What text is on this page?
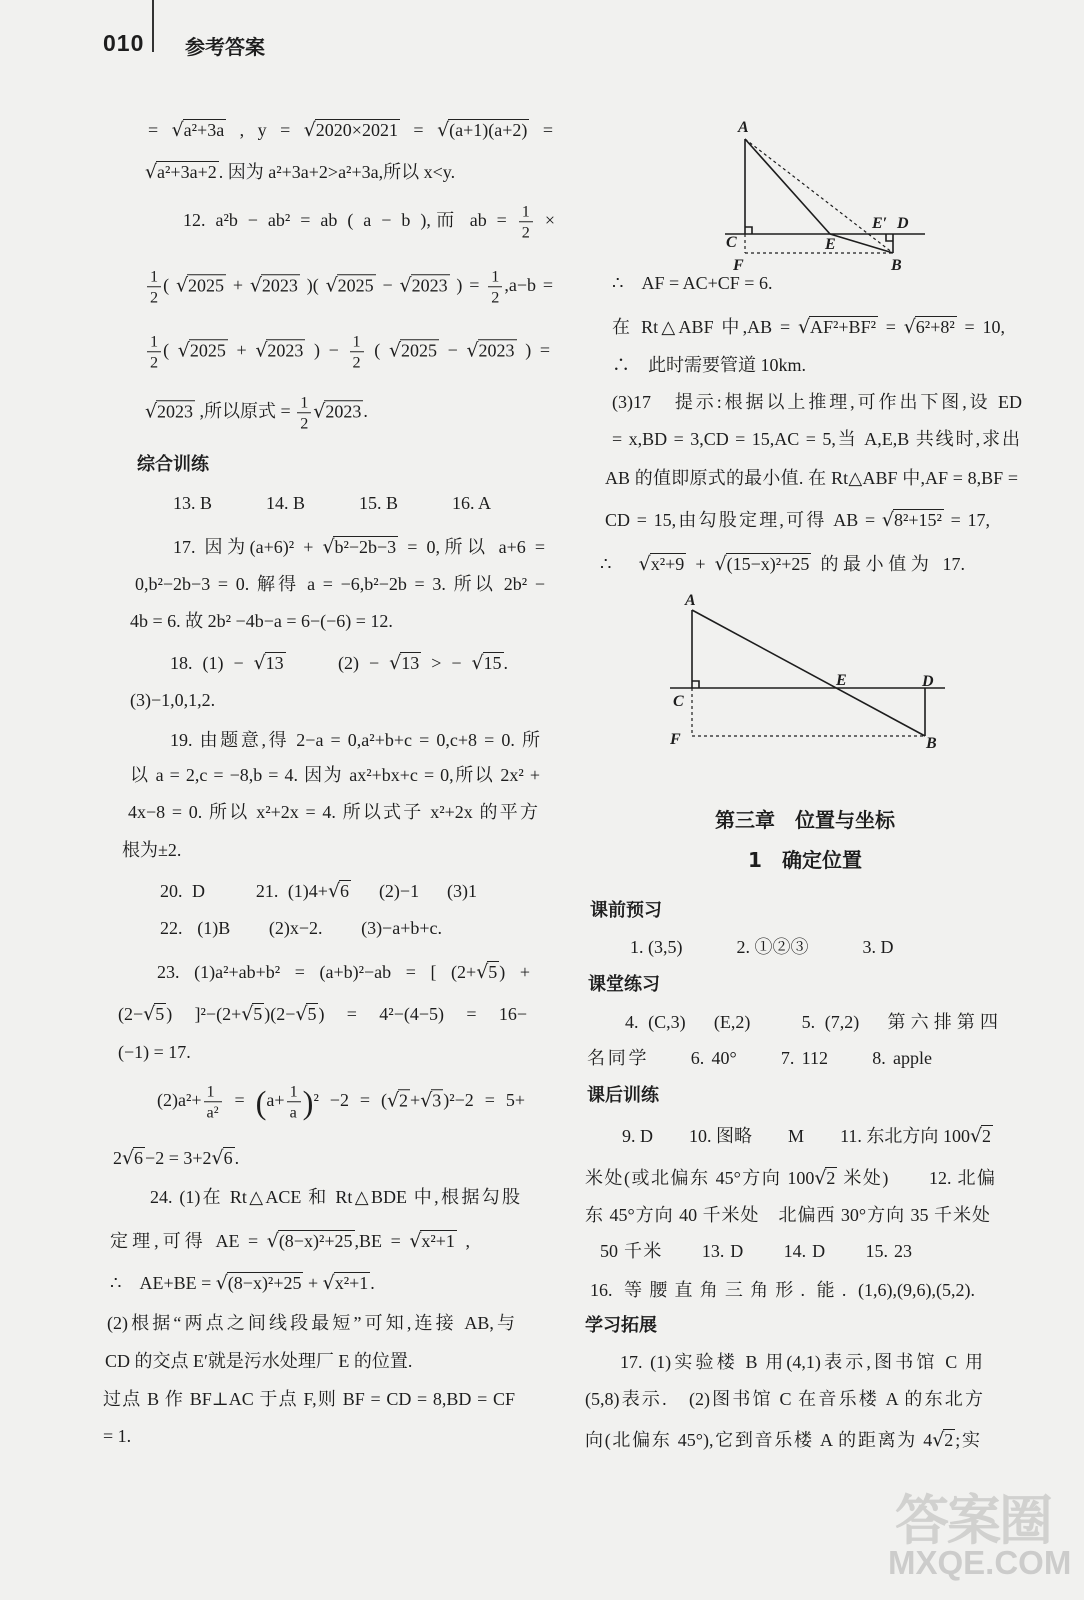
010 参考答案
= √ a²+3a , y = √ 2020×2021 = √ (a+1)(a+2) =
√ a²+3a+2 . 因为 a²+3a+2>a²+3a,所以 x<y.
12. a²b − ab² = ab ( a − b ),而 ab = $\frac{1}{2}$ ×
$\frac{1}{2}$ ( √ 2025 + √ 2023 )( √ 2025 − √ 2023 ) = $\frac{1}{2} ,a-b$ =
$\frac{1}{2}$ ( √ 2025 + √ 2023 ) − $\frac{1}{2}$ ( √ 2025 − √ 2023 ) =
√ 2023 ,所以原式 = $\frac{1}{2}$ √ 2023 .
综合训练
13. B　　　14. B　　　15. B　　　16. A
17. 因为(a+6)² + √ b²−2b−3 = 0,所以 a+6 =
0,b²−2b−3 = 0. 解得 a = −6,b²−2b = 3. 所以 2b² −
4b = 6. 故 2b² −4b−a = 6−(−6) = 12.
18. (1) − √ 13　　(2) − √ 13 > − √ 15 .
(3)−1,0,1,2.
19. 由题意,得 2−a = 0,a²+b+c = 0,c+8 = 0. 所
以 a = 2,c = −8,b = 4. 因为 ax²+bx+c = 0,所以 2x² +
4x−8 = 0. 所以 x²+2x = 4. 所以式子 x²+2x 的平方
根为±2.
20. D　　21. (1)4+ √ 6　(2)−1　(3)1
22. (1)B　(2)x−2.　(3)−a+b+c.
23. (1)a²+ab+b² = (a+b)²−ab = [ (2+ √ 5 ) +
(2− √ 5 ) ]²−(2+ √ 5 )(2− √ 5 ) = 4²−(4−5) = 16−
(−1) = 17.
$(2)a^2+ \frac{1}{\text{a²}} = (a+ \frac{1}{a} )^2 -2$ = ( √ 2 + √ 3 )²−2 = 5+
2 √ 6 −2 = 3+2 √ 6 .
24. (1)在 Rt△ACE 和 Rt△BDE 中,根据勾股
定理,可得 AE = √ (8−x)²+25 ,BE = √ x²+1 ,
∴　AE+BE = √ (8−x)²+25 + √ x²+1 .
(2)根据“两点之间线段最短”可知,连接 AB,与
CD 的交点 E′就是污水处理厂 E 的位置.
过点 B 作 BF⊥AC 于点 F,则 BF = CD = 8,BD = CF
= 1.
∴　AF = AC+CF = 6.
在 Rt△ABF 中,AB = √ AF²+BF² = √ 6²+8² = 10,
∴　此时需要管道 10km.
(3)17　提示:根据以上推理,可作出下图,设 ED
= x,BD = 3,CD = 15,AC = 5,当 A,E,B 共线时,求出
AB 的值即原式的最小值. 在 Rt△ABF 中,AF = 8,BF =
CD = 15,由勾股定理,可得 AB = √ 8²+15² = 17,
∴　√ x²+9 + √ (15−x)²+25 的最小值为 17.
课前预习
1. (3,5)　　　2. ①②③　　　3. D
课堂练习
4. (C,3)　(E,2)　　5. (7,2)　第六排第四
名同学　　6. 40°　　7. 112　　8. apple
课后训练
9. D　　10. 图略　　M　　11. 东北方向 100 √ 2
米处(或北偏东 45°方向 100 √ 2 米处)　　12. 北偏
东 45°方向 40 千米处　北偏西 30°方向 35 千米处
50 千米　　13. D　　14. D　　15. 23
16. 等腰直角三角形. 能. (1,6),(9,6),(5,2).
学习拓展
17. (1)实验楼 B 用(4,1)表示,图书馆 C 用
(5,8)表示.　(2)图书馆 C 在音乐楼 A 的东北方
向(北偏东 45°),它到音乐楼 A 的距离为 4 √ 2 ;实
A
C
F
E
E′ D
B
A
C
F
E	D
B
第三章　位置与坐标
1　确定位置
答案圈
MXQE.COM
